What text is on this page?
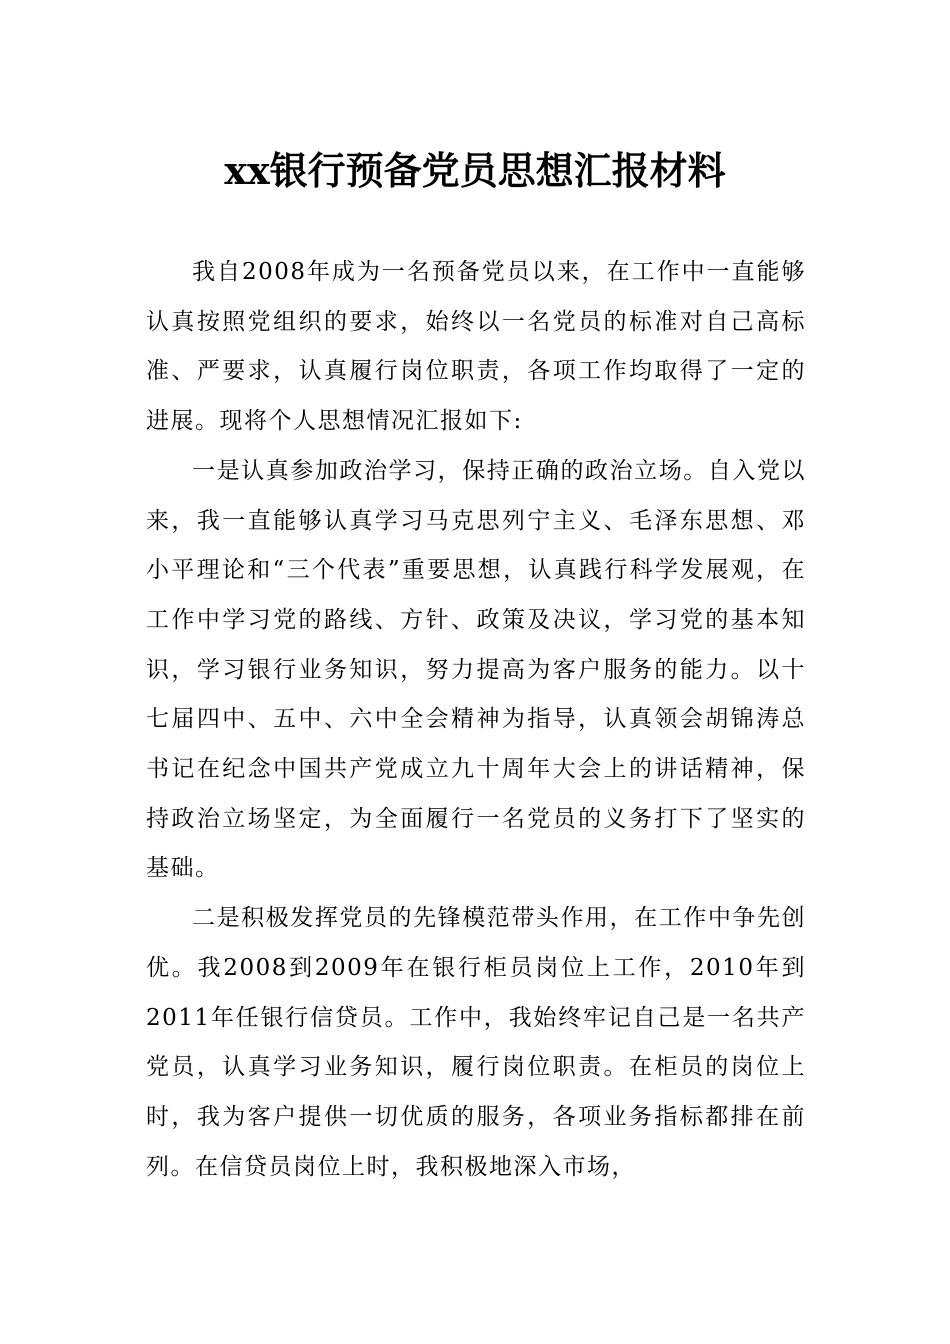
xx银行预备党员思想汇报材料

我自2008年成为一名预备党员以来，在工作中一直能够认真按照党组织的要求，始终以一名党员的标准对自己高标准、严要求，认真履行岗位职责，各项工作均取得了一定的进展。现将个人思想情况汇报如下:

一是认真参加政治学习，保持正确的政治立场。自入党以来，我一直能够认真学习马克思列宁主义、毛泽东思想、邓小平理论和“三个代表”重要思想，认真践行科学发展观，在工作中学习党的路线、方针、政策及决议，学习党的基本知识，学习银行业务知识，努力提高为客户服务的能力。以十七届四中、五中、六中全会精神为指导，认真领会胡锦涛总书记在纪念中国共产党成立九十周年大会上的讲话精神，保持政治立场坚定，为全面履行一名党员的义务打下了坚实的基础。

二是积极发挥党员的先锋模范带头作用，在工作中争先创优。我2008到2009年在银行柜员岗位上工作，2010年到2011年任银行信贷员。工作中，我始终牢记自己是一名共产党员，认真学习业务知识，履行岗位职责。在柜员的岗位上时，我为客户提供一切优质的服务，各项业务指标都排在前列。在信贷员岗位上时，我积极地深入市场，
